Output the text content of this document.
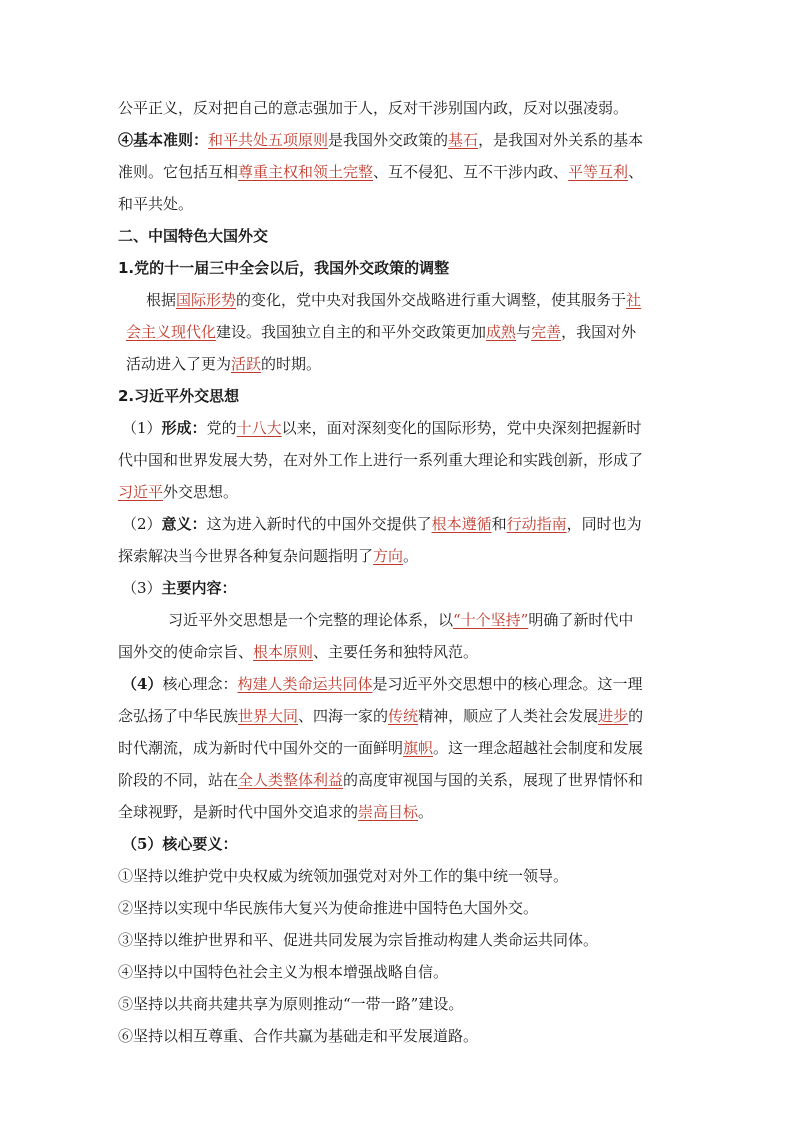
公平正义，反对把自己的意志强加于人，反对干涉别国内政，反对以强凌弱。
④基本准则：和平共处五项原则是我国外交政策的基石，是我国对外关系的基本
准则。它包括互相尊重主权和领土完整、互不侵犯、互不干涉内政、平等互利、
和平共处。
二、中国特色大国外交
1.党的十一届三中全会以后，我国外交政策的调整
根据国际形势的变化，党中央对我国外交战略进行重大调整，使其服务于社
会主义现代化建设。我国独立自主的和平外交政策更加成熟与完善，我国对外
活动进入了更为活跃的时期。
2.习近平外交思想
（1）形成：党的十八大以来，面对深刻变化的国际形势，党中央深刻把握新时
代中国和世界发展大势，在对外工作上进行一系列重大理论和实践创新，形成了
习近平外交思想。
（2）意义：这为进入新时代的中国外交提供了根本遵循和行动指南，同时也为
探索解决当今世界各种复杂问题指明了方向。
（3）主要内容：
习近平外交思想是一个完整的理论体系，以“十个坚持”明确了新时代中
国外交的使命宗旨、根本原则、主要任务和独特风范。
（4）核心理念：构建人类命运共同体是习近平外交思想中的核心理念。这一理
念弘扬了中华民族世界大同、四海一家的传统精神，顺应了人类社会发展进步的
时代潮流，成为新时代中国外交的一面鲜明旗帜。这一理念超越社会制度和发展
阶段的不同，站在全人类整体利益的高度审视国与国的关系，展现了世界情怀和
全球视野，是新时代中国外交追求的崇高目标。
（5）核心要义：
①坚持以维护党中央权威为统领加强党对对外工作的集中统一领导。
②坚持以实现中华民族伟大复兴为使命推进中国特色大国外交。
③坚持以维护世界和平、促进共同发展为宗旨推动构建人类命运共同体。
④坚持以中国特色社会主义为根本增强战略自信。
⑤坚持以共商共建共享为原则推动“一带一路”建设。
⑥坚持以相互尊重、合作共赢为基础走和平发展道路。
